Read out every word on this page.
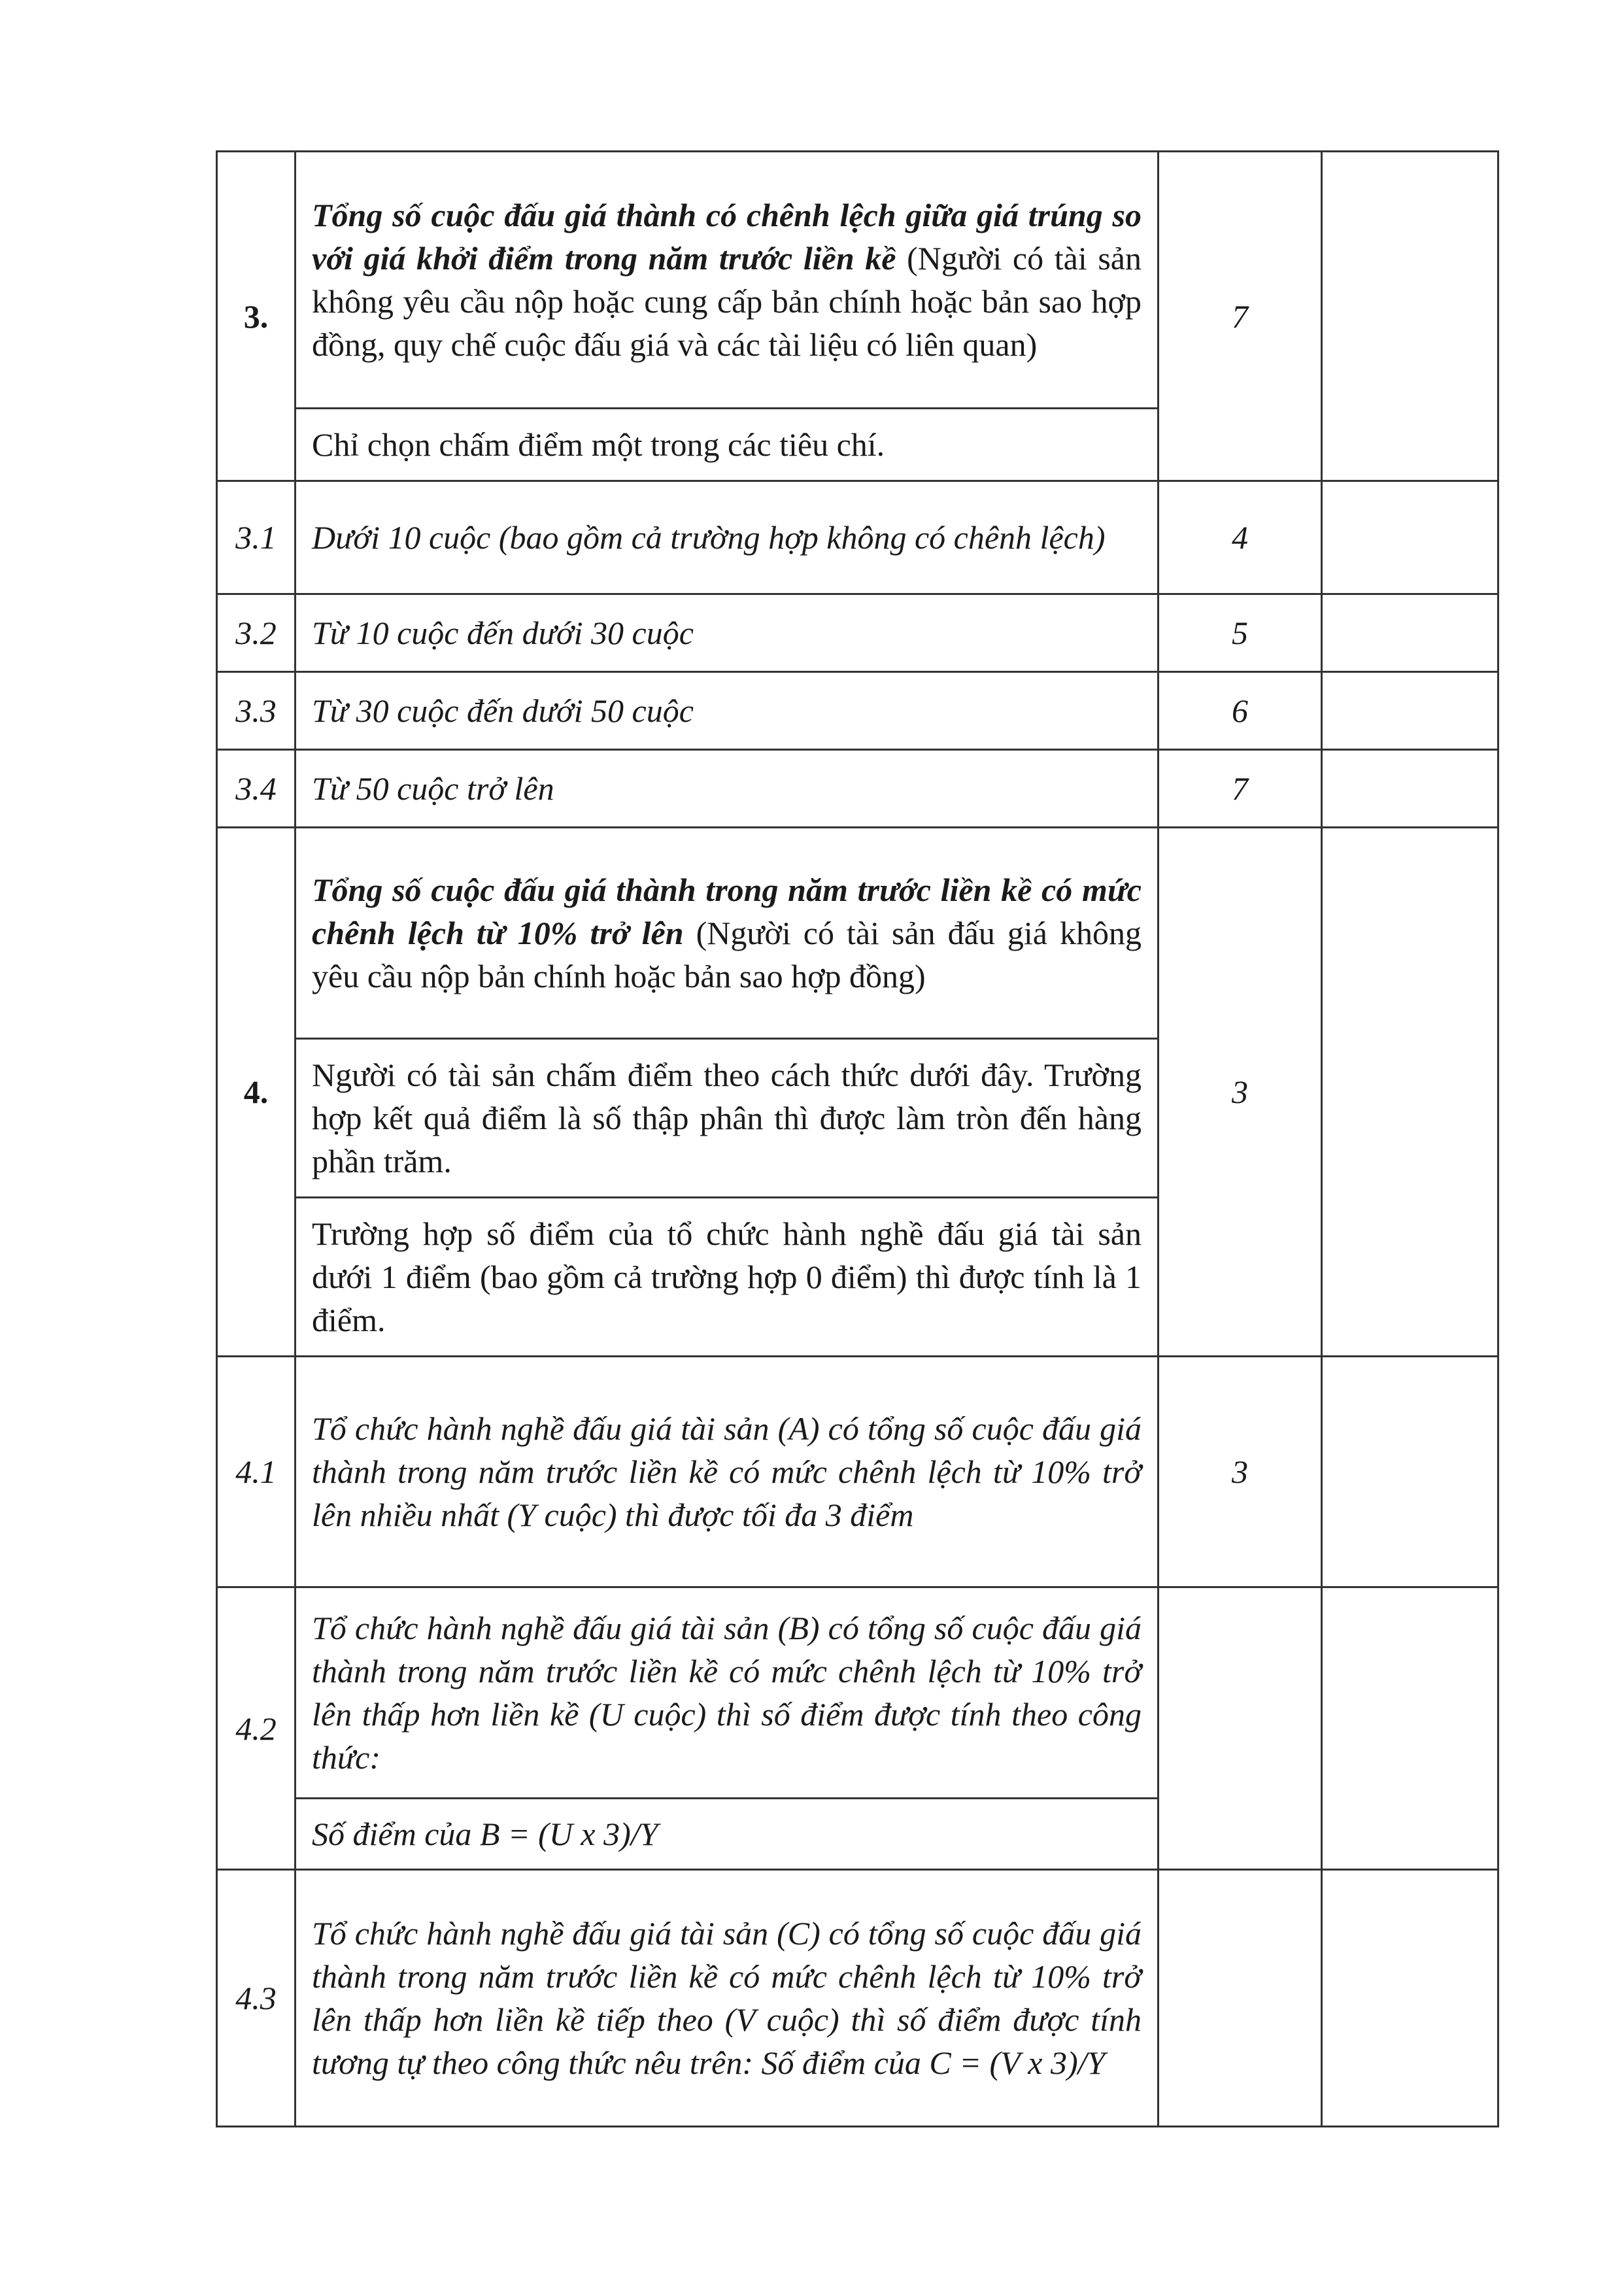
3.	Tổng số cuộc đấu giá thành có chênh lệch giữa giá trúng so với giá khởi điểm trong năm trước liền kề (Người có tài sản không yêu cầu nộp hoặc cung cấp bản chính hoặc bản sao hợp đồng, quy chế cuộc đấu giá và các tài liệu có liên quan)	7	
	Chỉ chọn chấm điểm một trong các tiêu chí.		
3.1	Dưới 10 cuộc (bao gồm cả trường hợp không có chênh lệch)	4	
3.2	Từ 10 cuộc đến dưới 30 cuộc	5	
3.3	Từ 30 cuộc đến dưới 50 cuộc	6	
3.4	Từ 50 cuộc trở lên	7	
4.	Tổng số cuộc đấu giá thành trong năm trước liền kề có mức chênh lệch từ 10% trở lên (Người có tài sản đấu giá không yêu cầu nộp bản chính hoặc bản sao hợp đồng)	3	
	Người có tài sản chấm điểm theo cách thức dưới đây. Trường hợp kết quả điểm là số thập phân thì được làm tròn đến hàng phần trăm.		
	Trường hợp số điểm của tổ chức hành nghề đấu giá tài sản dưới 1 điểm (bao gồm cả trường hợp 0 điểm) thì được tính là 1 điểm.		
4.1	Tổ chức hành nghề đấu giá tài sản (A) có tổng số cuộc đấu giá thành trong năm trước liền kề có mức chênh lệch từ 10% trở lên nhiều nhất (Y cuộc) thì được tối đa 3 điểm	3	
4.2	Tổ chức hành nghề đấu giá tài sản (B) có tổng số cuộc đấu giá thành trong năm trước liền kề có mức chênh lệch từ 10% trở lên thấp hơn liền kề (U cuộc) thì số điểm được tính theo công thức:		
	Số điểm của B = (U x 3)/Y		
4.3	Tổ chức hành nghề đấu giá tài sản (C) có tổng số cuộc đấu giá thành trong năm trước liền kề có mức chênh lệch từ 10% trở lên thấp hơn liền kề tiếp theo (V cuộc) thì số điểm được tính tương tự theo công thức nêu trên: Số điểm của C = (V x 3)/Y		
